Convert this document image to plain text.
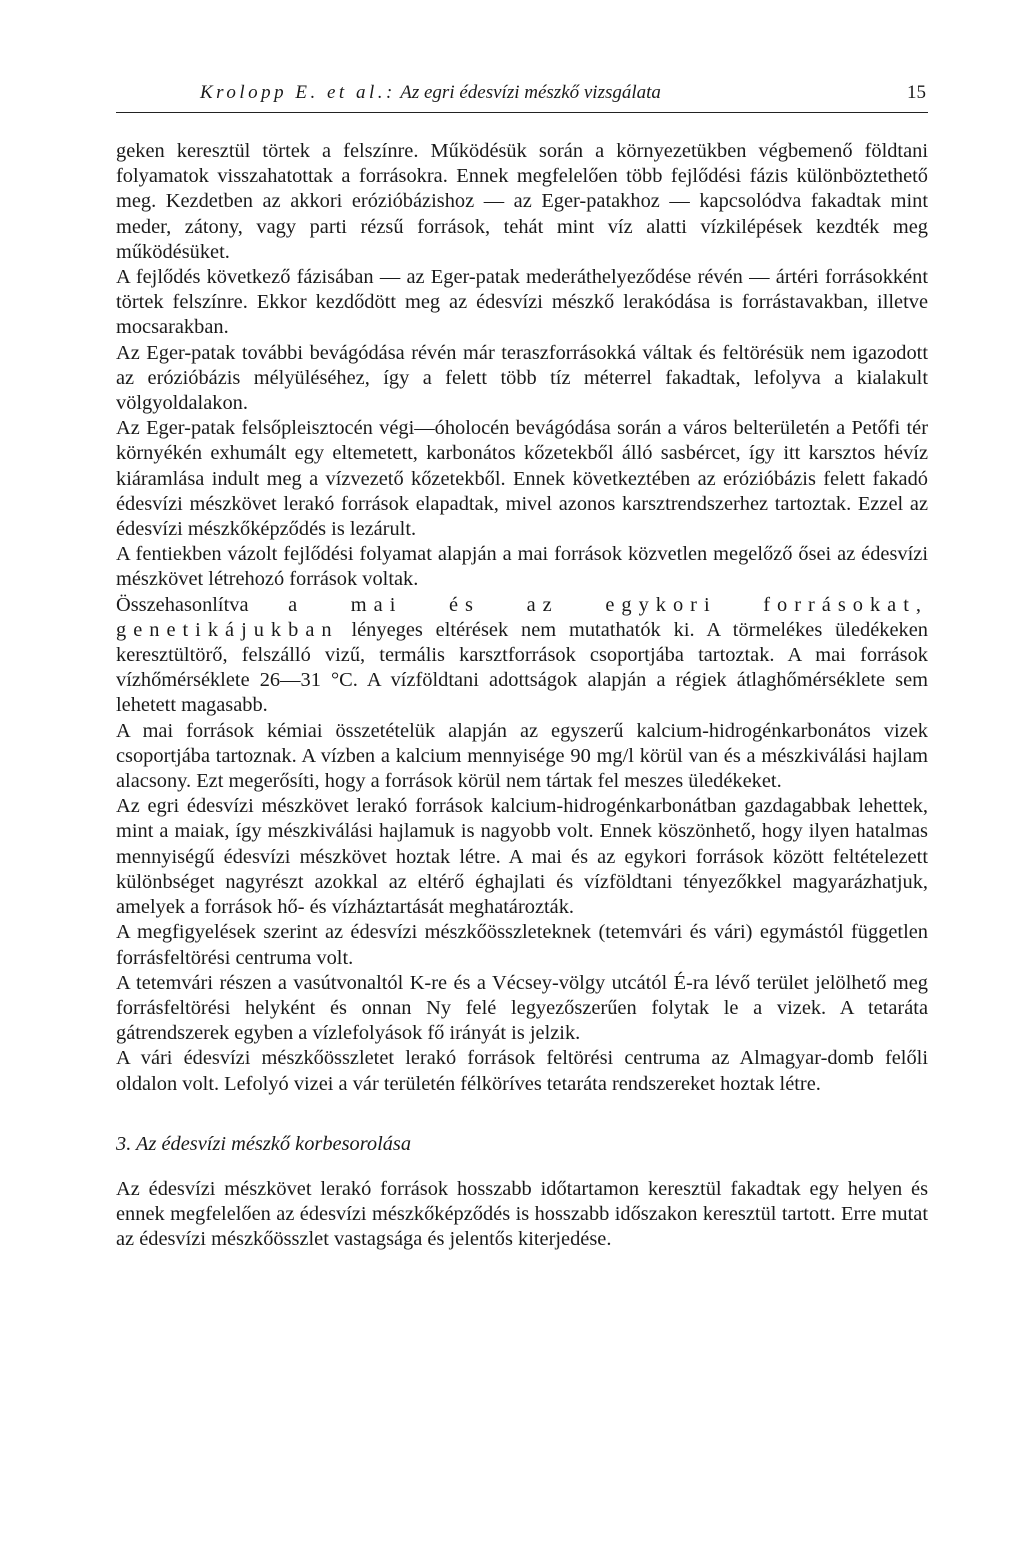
Krolopp E. et al.: Az egri édesvízi mészkő vizsgálata	15

geken keresztül törtek a felszínre. Működésük során a környezetükben végbemenő földtani folyamatok visszahatottak a forrásokra. Ennek megfelelően több fejlődési fázis különböztethető meg. Kezdetben az akkori erózióbázishoz — az Eger-patakhoz — kapcsolódva fakadtak mint meder, zátony, vagy parti rézsű források, tehát mint víz alatti vízkilépések kezdték meg működésüket.

A fejlődés következő fázisában — az Eger-patak mederáthelyeződése révén — ártéri forrásokként törtek felszínre. Ekkor kezdődött meg az édesvízi mészkő lerakódása is forrástavakban, illetve mocsarakban.

Az Eger-patak további bevágódása révén már teraszforrásokká váltak és feltörésük nem igazodott az erózióbázis mélyüléséhez, így a felett több tíz méterrel fakadtak, lefolyva a kialakult völgyoldalakon.

Az Eger-patak felsőpleisztocén végi—óholocén bevágódása során a város belterületén a Petőfi tér környékén exhumált egy eltemetett, karbonátos kőzetekből álló sasbércet, így itt karsztos hévíz kiáramlása indult meg a vízvezető kőzetekből. Ennek következtében az erózióbázis felett fakadó édesvízi mészkövet lerakó források elapadtak, mivel azonos karsztrendszerhez tartoztak. Ezzel az édesvízi mészkőképződés is lezárult.

A fentiekben vázolt fejlődési folyamat alapján a mai források közvetlen megelőző ősei az édesvízi mészkövet létrehozó források voltak.

Összehasonlítva a mai és az egykori forrásokat, genetikájukban lényeges eltérések nem mutathatók ki. A törmelékes üledékeken keresztültörő, felszálló vizű, termális karsztforrások csoportjába tartoztak. A mai források vízhőmérséklete 26—31 °C. A vízföldtani adottságok alapján a régiek átlaghőmérséklete sem lehetett magasabb.

A mai források kémiai összetételük alapján az egyszerű kalcium-hidrogénkarbonátos vizek csoportjába tartoznak. A vízben a kalcium mennyisége 90 mg/l körül van és a mészkiválási hajlam alacsony. Ezt megerősíti, hogy a források körül nem tártak fel meszes üledékeket.

Az egri édesvízi mészkövet lerakó források kalcium-hidrogénkarbonátban gazdagabbak lehettek, mint a maiak, így mészkiválási hajlamuk is nagyobb volt. Ennek köszönhető, hogy ilyen hatalmas mennyiségű édesvízi mészkövet hoztak létre. A mai és az egykori források között feltételezett különbséget nagyrészt azokkal az eltérő éghajlati és vízföldtani tényezőkkel magyarázhatjuk, amelyek a források hő- és vízháztartását meghatározták.

A megfigyelések szerint az édesvízi mészkőösszleteknek (tetemvári és vári) egymástól független forrásfeltörési centruma volt.

A tetemvári részen a vasútvonaltól K-re és a Vécsey-völgy utcától É-ra lévő terület jelölhető meg forrásfeltörési helyként és onnan Ny felé legyezőszerűen folytak le a vizek. A tetaráta gátrendszerek egyben a vízlefolyások fő irányát is jelzik.

A vári édesvízi mészkőösszletet lerakó források feltörési centruma az Almagyar-domb felőli oldalon volt. Lefolyó vizei a vár területén félköríves tetaráta rendszereket hoztak létre.

3. Az édesvízi mészkő korbesorolása

Az édesvízi mészkövet lerakó források hosszabb időtartamon keresztül fakadtak egy helyen és ennek megfelelően az édesvízi mészkőképződés is hosszabb időszakon keresztül tartott. Erre mutat az édesvízi mészkőösszlet vastagsága és jelentős kiterjedése.
